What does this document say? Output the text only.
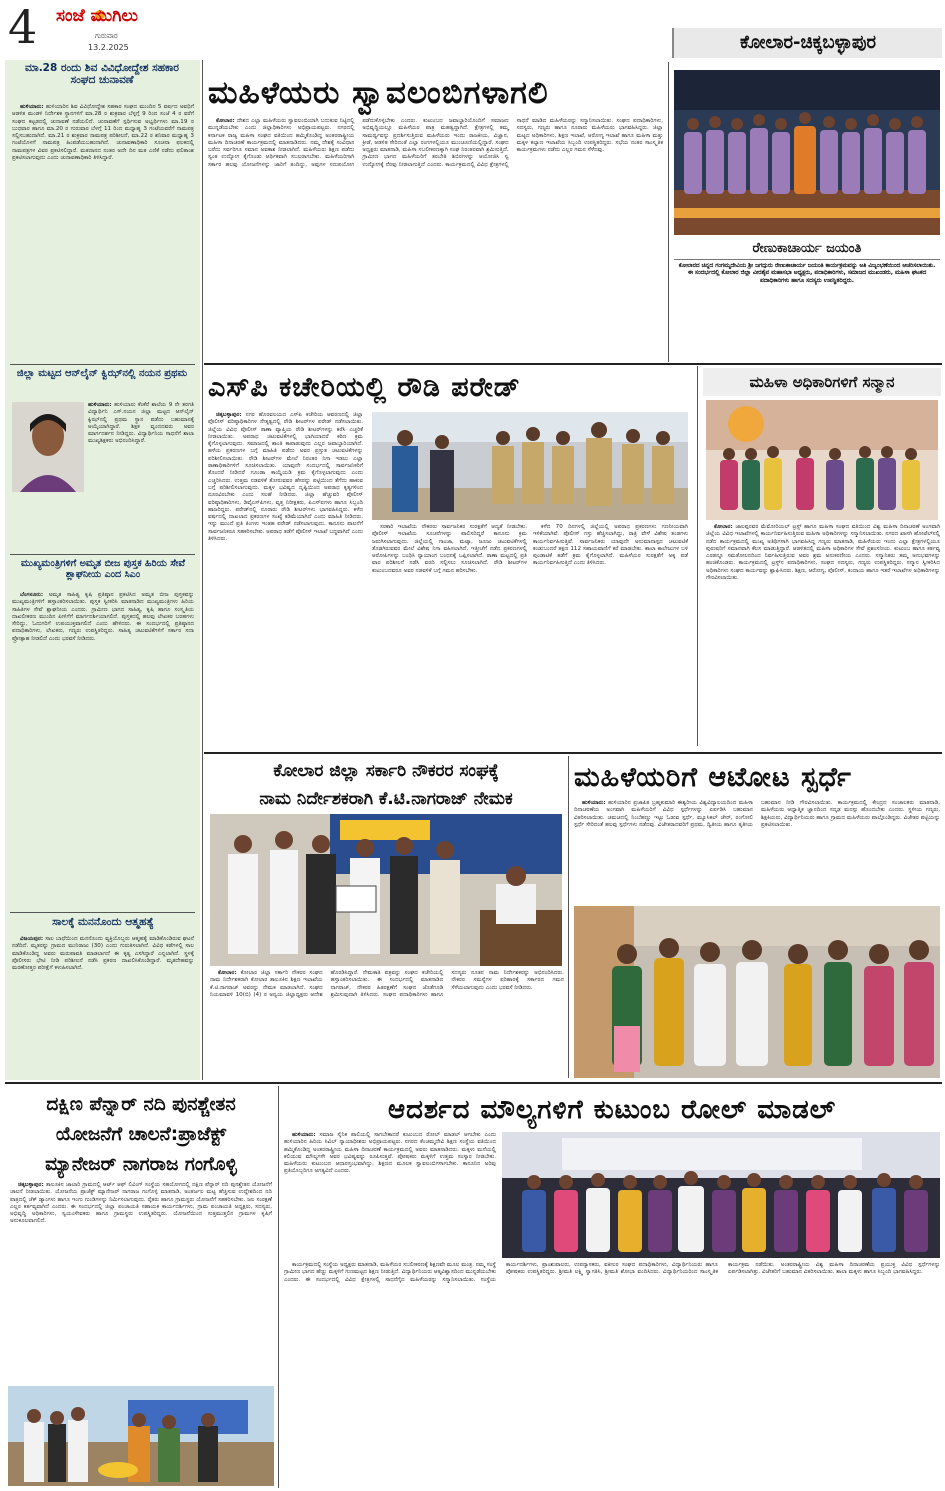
4 ಸಂಜೆ ಮುಗಿಲು
ಗುರುವಾರ
13.2.2025	ಕೋಲಾರ-ಚಿಕ್ಕಬಳ್ಳಾಪುರ
ಮಾ.28 ರಂದು ಶಿವ ವಿವಿಧೋದ್ದೇಶ ಸಹಕಾರ ಸಂಘದ ಚುನಾವಣೆ

ಹುಳಿಯಾರು: ಹುಳಿಯಾರಿನ ಶಿವ ವಿವಿಧೋದ್ದೇಶ ಸಹಕಾರ ಸಂಘದ ಮುಂದಿನ 5 ವರ್ಷದ ಅವಧಿಗೆ ಆಡಳಿತ ಮಂಡಳಿ ನಿರ್ದೇಶಕ ಸ್ಥಾನಗಳಿಗೆ ಮಾ.28 ರ ಶುಕ್ರವಾರ ಬೆಳ್ಳಗ್ಗೆ 9 ರಿಂದ ಸಂಜೆ 4 ರ ವರೆಗೆ ಸಂಘದ ಕಟ್ಟಡದಲ್ಲಿ ಚುನಾವಣೆ ನಡೆಯಲಿದೆ. ಚುನಾವಣೆಗೆ ಸ್ಪರ್ಧಿಸುವ ಅಭ್ಯರ್ಥಿಗಳು ಮಾ.19 ರ ಬುಧವಾರ ಹಾಗೂ ಮಾ.20 ರ ಗುರುವಾರ ಬೆಳಗ್ಗೆ 11 ರಿಂದ ಮಧ್ಯಾಹ್ನ 3 ಗಂಟೆಯವರೆಗೆ ನಾಮಪತ್ರ ಸಲ್ಲಿಸಬಹುದಾಗಿದೆ. ಮಾ.21 ರ ಶುಕ್ರವಾರ ನಾಮಪತ್ರ ಪರಿಶೀಲನೆ, ಮಾ.22 ರ ಶನಿವಾರ ಮಧ್ಯಾಹ್ನ 3 ಗಂಟೆಯೊಳಗೆ ನಾಮಪತ್ರ ಹಿಂಪಡೆಯಬಹುದಾಗಿದೆ. ಚುನಾವಣಾಧಿಕಾರಿ ಸೂಚನಾ ಫಲಕದಲ್ಲಿ ನಾಮಪತ್ರಗಳ ವಿವರ ಪ್ರಕಟಿಸಲಿದ್ದಾರೆ. ಮತದಾನದ ನಂತರ ಅದೇ ದಿನ ಮತ ಎಣಿಕೆ ನಡೆದು ಫಲಿತಾಂಶ ಪ್ರಕಟಿಸಲಾಗುವುದು ಎಂದು ಚುನಾವಣಾಧಿಕಾರಿ ತಿಳಿಸಿದ್ದಾರೆ.

ಜಿಲ್ಲಾ ಮಟ್ಟದ ಆನ್‌ಲೈನ್ ಕ್ವಿಝ್‌ನಲ್ಲಿ ನಯನ ಪ್ರಥಮ

ಹುಳಿಯಾರು: ಹುಳಿಯಾರು ಕೆಂಕೆರೆ ಶಾಲೆಯ 9 ನೇ ತರಗತಿ ವಿದ್ಯಾರ್ಥಿನಿ ಎಸ್.ನಯನ ಜಿಲ್ಲಾ ಮಟ್ಟದ ಆನ್‌ಲೈನ್ ಕ್ವಿಝ್‌ನಲ್ಲಿ ಪ್ರಥಮ ಸ್ಥಾನ ಪಡೆದು ಬಹುಮಾನಕ್ಕೆ ಆಯ್ಕೆಯಾಗಿದ್ದಾರೆ. ಶಿಕ್ಷಕ ವೃಂದದವರು ಅವರ ಮಾರ್ಗದರ್ಶನ ನೀಡಿದ್ದರು. ವಿದ್ಯಾರ್ಥಿನಿಯ ಸಾಧನೆಗೆ ಶಾಲಾ ಮುಖ್ಯಶಿಕ್ಷಕರು ಅಭಿನಂದಿಸಿದ್ದಾರೆ.

ಮುಖ್ಯಮಂತ್ರಿಗಳಿಗೆ ಅಮೃತ ಬೀಜ ಪುಸ್ತಕ ಹಿರಿಯ ಸೇವೆ ಶ್ಲಾಘನೀಯ ಎಂದ ಸಿಎಂ

ಬೆಂಗಳೂರು: ಅಮೃತ ಸಾಹಿತ್ಯ ಕೃಷಿ ಪ್ರತಿಷ್ಠಾನ ಪ್ರಕಟಿಸಿದ ಅಮೃತ ಬೀಜ ಪುಸ್ತಕವನ್ನು ಮುಖ್ಯಮಂತ್ರಿಗಳಿಗೆ ಹಸ್ತಾಂತರಿಸಲಾಯಿತು. ಪುಸ್ತಕ ಸ್ವೀಕರಿಸಿ ಮಾತನಾಡಿದ ಮುಖ್ಯಮಂತ್ರಿಗಳು ಹಿರಿಯ ಸಾಹಿತಿಗಳ ಸೇವೆ ಶ್ಲಾಘನೀಯ ಎಂದರು. ಗ್ರಾಮೀಣ ಭಾಗದ ಸಾಹಿತ್ಯ, ಕೃಷಿ ಹಾಗೂ ಸಂಸ್ಕೃತಿಯ ದಾಖಲೀಕರಣ ಮುಂದಿನ ಪೀಳಿಗೆಗೆ ಮಾರ್ಗದರ್ಶಿಯಾಗಲಿದೆ. ಪುಸ್ತಕದಲ್ಲಿ ಹಲವು ಲೇಖಕರ ಬರಹಗಳು ಸೇರಿದ್ದು, ಓದುಗರಿಗೆ ಉಪಯುಕ್ತವಾಗಲಿದೆ ಎಂದು ಹೇಳಿದರು. ಈ ಸಂದರ್ಭದಲ್ಲಿ ಪ್ರತಿಷ್ಠಾನದ ಪದಾಧಿಕಾರಿಗಳು, ಲೇಖಕರು, ಗಣ್ಯರು ಉಪಸ್ಥಿತರಿದ್ದರು. ಸಾಹಿತ್ಯ ಚಟುವಟಿಕೆಗಳಿಗೆ ಸರ್ಕಾರ ಸದಾ ಪ್ರೋತ್ಸಾಹ ನೀಡಲಿದೆ ಎಂದು ಭರವಸೆ ನೀಡಿದರು.

ಸಾಲಕ್ಕೆ ಮನನೊಂದು ಆತ್ಮಹತ್ಯೆ

ವಿಜಯಪುರ: ಸಾಲ ಬಾಧೆಯಿಂದ ಮನನೊಂದು ವ್ಯಕ್ತಿಯೊಬ್ಬರು ಆತ್ಮಹತ್ಯೆ ಮಾಡಿಕೊಂಡಿರುವ ಘಟನೆ ನಡೆದಿದೆ. ಮೃತರನ್ನು ಗ್ರಾಮದ ಮುನಿರಾಜು (30) ಎಂದು ಗುರುತಿಸಲಾಗಿದೆ. ವಿವಿಧ ಕಡೆಗಳಲ್ಲಿ ಸಾಲ ಮಾಡಿಕೊಂಡಿದ್ದ ಅವರು ಮರುಪಾವತಿ ಮಾಡಲಾಗದೆ ಈ ಕೃತ್ಯ ಎಸಗಿದ್ದಾರೆ ಎನ್ನಲಾಗಿದೆ. ಸ್ಥಳಕ್ಕೆ ಪೊಲೀಸರು ಭೇಟಿ ನೀಡಿ ಪರಿಶೀಲನೆ ನಡೆಸಿ ಪ್ರಕರಣ ದಾಖಲಿಸಿಕೊಂಡಿದ್ದಾರೆ. ಮೃತದೇಹವನ್ನು ಮರಣೋತ್ತರ ಪರೀಕ್ಷೆಗೆ ಕಳುಹಿಸಲಾಗಿದೆ.

ಮಹಿಳೆಯರು ಸ್ವಾವಲಂಬಿಗಳಾಗಲಿ

ಕೋಲಾರ: ದೇಶದ ಎಲ್ಲಾ ಮಹಿಳೆಯರು ಸ್ವಾವಲಂಬಿಯಾಗಿ ಬದುಕುವ ನಿಟ್ಟಿನಲ್ಲಿ ಮುನ್ನಡೆಯಬೇಕು ಎಂದು ಜಿಲ್ಲಾಧಿಕಾರಿಗಳು ಅಭಿಪ್ರಾಯಪಟ್ಟರು. ನಗರದಲ್ಲಿ ಕರ್ನಾಟಕ ರಾಜ್ಯ ಮಹಿಳಾ ಸಂಘದ ವತಿಯಿಂದ ಹಮ್ಮಿಕೊಂಡಿದ್ದ ಅಂತರರಾಷ್ಟ್ರೀಯ ಮಹಿಳಾ ದಿನಾಚರಣೆ ಕಾರ್ಯಕ್ರಮದಲ್ಲಿ ಮಾತನಾಡಿದರು. ನಮ್ಮ ದೇಶಕ್ಕೆ ಸಂವಿಧಾನ ಬರೆದು ಸರ್ವರಿಗೂ ಸಮಾನ ಅವಕಾಶ ನೀಡಲಾಗಿದೆ. ಮಹಿಳೆಯರು ಶಿಕ್ಷಣ ಪಡೆದು ಸ್ವಂತ ಉದ್ಯೋಗ ಕೈಗೊಂಡು ಆರ್ಥಿಕವಾಗಿ ಸಬಲರಾಗಬೇಕು. ಮಹಿಳೆಯರಿಗಾಗಿ ಸರ್ಕಾರ ಹಲವು ಯೋಜನೆಗಳನ್ನು ಜಾರಿಗೆ ತಂದಿದ್ದು, ಅವುಗಳ ಸದುಪಯೋಗ ಪಡೆದುಕೊಳ್ಳಬೇಕು ಎಂದರು. ಕುಟುಂಬದ ಜವಾಬ್ದಾರಿಯೊಂದಿಗೆ ಸಮಾಜದ ಅಭಿವೃದ್ಧಿಯಲ್ಲೂ ಮಹಿಳೆಯರ ಪಾತ್ರ ಮಹತ್ವದ್ದಾಗಿದೆ. ಕ್ಷೇತ್ರಗಳಲ್ಲಿ ತಮ್ಮ ಸಾಮರ್ಥ್ಯವನ್ನು ಪ್ರದರ್ಶಿಸುತ್ತಿರುವ ಮಹಿಳೆಯರು ಇಂದು ರಾಜಕೀಯ, ವಿಜ್ಞಾನ, ಕ್ರೀಡೆ, ಆಡಳಿತ ಸೇರಿದಂತೆ ಎಲ್ಲಾ ರಂಗಗಳಲ್ಲಿಯೂ ಮುಂಚೂಣಿಯಲ್ಲಿದ್ದಾರೆ. ಸಂಘದ ಅಧ್ಯಕ್ಷರು ಮಾತನಾಡಿ, ಮಹಿಳಾ ಸಬಲೀಕರಣಕ್ಕಾಗಿ ಸಂಘ ನಿರಂತರವಾಗಿ ಶ್ರಮಿಸುತ್ತಿದೆ. ಗ್ರಾಮೀಣ ಭಾಗದ ಮಹಿಳೆಯರಿಗೆ ತರಬೇತಿ ಶಿಬಿರಗಳನ್ನು ಆಯೋಜಿಸಿ ಸ್ವ ಉದ್ಯೋಗಕ್ಕೆ ನೆರವು ನೀಡಲಾಗುತ್ತಿದೆ ಎಂದರು. ಕಾರ್ಯಕ್ರಮದಲ್ಲಿ ವಿವಿಧ ಕ್ಷೇತ್ರಗಳಲ್ಲಿ ಸಾಧನೆ ಮಾಡಿದ ಮಹಿಳೆಯರನ್ನು ಸನ್ಮಾನಿಸಲಾಯಿತು. ಸಂಘದ ಪದಾಧಿಕಾರಿಗಳು, ಸದಸ್ಯರು, ಗಣ್ಯರು ಹಾಗೂ ನೂರಾರು ಮಹಿಳೆಯರು ಭಾಗವಹಿಸಿದ್ದರು. ಜಿಲ್ಲಾ ಮಟ್ಟದ ಅಧಿಕಾರಿಗಳು, ಶಿಕ್ಷಣ ಇಲಾಖೆ, ಆರೋಗ್ಯ ಇಲಾಖೆ ಹಾಗೂ ಮಹಿಳಾ ಮತ್ತು ಮಕ್ಕಳ ಕಲ್ಯಾಣ ಇಲಾಖೆಯ ಸಿಬ್ಬಂದಿ ಉಪಸ್ಥಿತರಿದ್ದರು. ಸಭೆಯ ನಂತರ ಸಾಂಸ್ಕೃತಿಕ ಕಾರ್ಯಕ್ರಮಗಳು ನಡೆದು ಎಲ್ಲರ ಗಮನ ಸೆಳೆದವು.

ರೇಣುಕಾಚಾರ್ಯ ಜಯಂತಿ
ಕೋಲಾರದ ಚಿನ್ನದ ಗಂಗಮ್ಮದೇವಿಯ ಶ್ರೀ ಜಗದ್ಗುರು ರೇಣುಕಾಚಾರ್ಯ ಜಯಂತಿ ಕಾರ್ಯಕ್ರಮವನ್ನು ಅತಿ ವಿಜೃಂಭಣೆಯಿಂದ ಆಚರಿಸಲಾಯಿತು. ಈ ಸಂದರ್ಭದಲ್ಲಿ ಕೋಲಾರ ಜಿಲ್ಲಾ ವೀರಶೈವ ಮಹಾಸಭಾ ಅಧ್ಯಕ್ಷರು, ಪದಾಧಿಕಾರಿಗಳು, ಸಮಾಜದ ಮುಖಂಡರು, ಮಹಿಳಾ ಘಟಕದ ಪದಾಧಿಕಾರಿಗಳು ಹಾಗೂ ಸದಸ್ಯರು ಉಪಸ್ಥಿತರಿದ್ದರು.
ಎಸ್‌ಪಿ ಕಚೇರಿಯಲ್ಲಿ ರೌಡಿ ಪರೇಡ್

ಚಿಕ್ಕಬಳ್ಳಾಪುರ: ನಗರ ಹೊರವಲಯದ ಎಸ್‌ಪಿ ಕಚೇರಿಯ ಆವರಣದಲ್ಲಿ ಜಿಲ್ಲಾ ಪೊಲೀಸ್ ವರಿಷ್ಠಾಧಿಕಾರಿಗಳ ನೇತೃತ್ವದಲ್ಲಿ ರೌಡಿ ಶೀಟರ್‌ಗಳ ಪರೇಡ್ ನಡೆಸಲಾಯಿತು. ಜಿಲ್ಲೆಯ ವಿವಿಧ ಪೊಲೀಸ್ ಠಾಣಾ ವ್ಯಾಪ್ತಿಯ ರೌಡಿ ಶೀಟರ್‌ಗಳನ್ನು ಕರೆಸಿ ಎಚ್ಚರಿಕೆ ನೀಡಲಾಯಿತು. ಅಪರಾಧ ಚಟುವಟಿಕೆಗಳಲ್ಲಿ ಭಾಗಿಯಾದರೆ ಕಠಿಣ ಕ್ರಮ ಕೈಗೊಳ್ಳಲಾಗುವುದು. ಸಮಾಜದಲ್ಲಿ ಶಾಂತಿ ಕಾಪಾಡುವುದು ಎಲ್ಲರ ಜವಾಬ್ದಾರಿಯಾಗಿದೆ. ಹಳೆಯ ಪ್ರಕರಣಗಳ ಬಗ್ಗೆ ಮಾಹಿತಿ ಪಡೆದು ಅವರ ಪ್ರಸ್ತುತ ಚಟುವಟಿಕೆಗಳನ್ನು ಪರಿಶೀಲಿಸಲಾಯಿತು. ರೌಡಿ ಶೀಟರ್‌ಗಳ ಮೇಲೆ ನಿರಂತರ ನಿಗಾ ಇಡಲು ಎಲ್ಲಾ ಠಾಣಾಧಿಕಾರಿಗಳಿಗೆ ಸೂಚಿಸಲಾಯಿತು. ಯಾವುದೇ ಸಂದರ್ಭದಲ್ಲಿ ಸಾರ್ವಜನಿಕರಿಗೆ ತೊಂದರೆ ನೀಡಿದರೆ ಗೂಂಡಾ ಕಾಯ್ದೆಯಡಿ ಕ್ರಮ ಕೈಗೊಳ್ಳಲಾಗುವುದು ಎಂದು ಎಚ್ಚರಿಸಿದರು. ಉತ್ತಮ ನಡವಳಿಕೆ ತೋರುವವರ ಹೆಸರನ್ನು ಪಟ್ಟಿಯಿಂದ ತೆಗೆದು ಹಾಕುವ ಬಗ್ಗೆ ಪರಿಶೀಲಿಸಲಾಗುವುದು. ಮಕ್ಕಳ ಭವಿಷ್ಯದ ದೃಷ್ಟಿಯಿಂದ ಅಪರಾಧ ಕೃತ್ಯಗಳಿಂದ ದೂರವಿರಬೇಕು ಎಂದು ಸಲಹೆ ನೀಡಿದರು. ಜಿಲ್ಲಾ ಹೆಚ್ಚುವರಿ ಪೊಲೀಸ್ ವರಿಷ್ಠಾಧಿಕಾರಿಗಳು, ಡಿವೈಎಸ್‌ಪಿಗಳು, ವೃತ್ತ ನಿರೀಕ್ಷಕರು, ಪಿಎಸ್‌ಐಗಳು ಹಾಗೂ ಸಿಬ್ಬಂದಿ ಹಾಜರಿದ್ದರು. ಪರೇಡ್‌ನಲ್ಲಿ ನೂರಾರು ರೌಡಿ ಶೀಟರ್‌ಗಳು ಭಾಗವಹಿಸಿದ್ದರು. ಕಳೆದ ವರ್ಷದಲ್ಲಿ ದಾಖಲಾದ ಪ್ರಕರಣಗಳ ಸಂಖ್ಯೆ ಕಡಿಮೆಯಾಗಿದೆ ಎಂದು ಮಾಹಿತಿ ನೀಡಿದರು. ಇನ್ನು ಮುಂದೆ ಪ್ರತಿ ತಿಂಗಳು ಇಂತಹ ಪರೇಡ್ ನಡೆಸಲಾಗುವುದು. ಕಾನೂನು ಪಾಲನೆಗೆ ಸಾರ್ವಜನಿಕರೂ ಸಹಕರಿಸಬೇಕು. ಅಪರಾಧ ತಡೆಗೆ ಪೊಲೀಸ್ ಇಲಾಖೆ ಬದ್ಧವಾಗಿದೆ ಎಂದು ತಿಳಿಸಿದರು.

ಸರಕಾರಿ ಇಲಾಖೆಯ ನೌಕರರು ಸಾರ್ವಜನಿಕರ ಸುರಕ್ಷತೆಗೆ ಆದ್ಯತೆ ನೀಡಬೇಕು. ಪೊಲೀಸ್ ಇಲಾಖೆಯ ಸೂಚನೆಗಳನ್ನು ಪಾಲಿಸದಿದ್ದರೆ ಕಾನೂನು ಕ್ರಮ ಜರುಗಿಸಲಾಗುವುದು. ಜಿಲ್ಲೆಯಲ್ಲಿ ಗಾಂಜಾ, ಮಟ್ಕಾ, ಜೂಜು ಚಟುವಟಿಕೆಗಳಲ್ಲಿ ತೊಡಗಿರುವವರ ಮೇಲೆ ವಿಶೇಷ ನಿಗಾ ವಹಿಸಲಾಗಿದೆ. ಇತ್ತೀಚೆಗೆ ನಡೆದ ಪ್ರಕರಣಗಳಲ್ಲಿ ಆರೋಪಿಗಳನ್ನು ಬಂಧಿಸಿ ನ್ಯಾಯಾಂಗ ಬಂಧನಕ್ಕೆ ಒಪ್ಪಿಸಲಾಗಿದೆ. ಠಾಣಾ ಮಟ್ಟದಲ್ಲಿ ಪ್ರತಿ ವಾರ ಪರಿಶೀಲನೆ ನಡೆಸಿ ವರದಿ ಸಲ್ಲಿಸಲು ಸೂಚಿಸಲಾಗಿದೆ. ರೌಡಿ ಶೀಟರ್‌ಗಳ ಕುಟುಂಬದವರೂ ಅವರ ನಡವಳಿಕೆ ಬಗ್ಗೆ ಗಮನ ಹರಿಸಬೇಕು.

ಕಳೆದ 70 ದಿನಗಳಲ್ಲಿ ಜಿಲ್ಲೆಯಲ್ಲಿ ಅಪರಾಧ ಪ್ರಕರಣಗಳು ಗಣನೀಯವಾಗಿ ಇಳಿಕೆಯಾಗಿವೆ. ಪೊಲೀಸ್ ಗಸ್ತು ಹೆಚ್ಚಿಸಲಾಗಿದ್ದು, ರಾತ್ರಿ ವೇಳೆ ವಿಶೇಷ ತಂಡಗಳು ಕಾರ್ಯನಿರ್ವಹಿಸುತ್ತಿವೆ. ಸಾರ್ವಜನಿಕರು ಯಾವುದೇ ಅನುಮಾನಾಸ್ಪದ ಚಟುವಟಿಕೆ ಕಂಡುಬಂದರೆ ತಕ್ಷಣ 112 ಸಹಾಯವಾಣಿಗೆ ಕರೆ ಮಾಡಬೇಕು. ಶಾಲಾ ಕಾಲೇಜುಗಳ ಬಳಿ ಪುಂಡಾಟಿಕೆ ತಡೆಗೆ ಕ್ರಮ ಕೈಗೊಳ್ಳಲಾಗಿದೆ. ಮಹಿಳೆಯರ ಸುರಕ್ಷತೆಗೆ ಅಕ್ಕ ಪಡೆ ಕಾರ್ಯನಿರ್ವಹಿಸುತ್ತಿದೆ ಎಂದು ತಿಳಿಸಿದರು.

ಮಹಿಳಾ ಅಧಿಕಾರಿಗಳಿಗೆ ಸನ್ಮಾನ

ಕೋಲಾರ: ಜಾಲಪ್ಪನವರ ಮೆಮೋರಿಯಲ್ ಟ್ರಸ್ಟ್ ಹಾಗೂ ಮಹಿಳಾ ಸಂಘದ ವತಿಯಿಂದ ವಿಶ್ವ ಮಹಿಳಾ ದಿನಾಚರಣೆ ಅಂಗವಾಗಿ ಜಿಲ್ಲೆಯ ವಿವಿಧ ಇಲಾಖೆಗಳಲ್ಲಿ ಕಾರ್ಯನಿರ್ವಹಿಸುತ್ತಿರುವ ಮಹಿಳಾ ಅಧಿಕಾರಿಗಳನ್ನು ಸನ್ಮಾನಿಸಲಾಯಿತು. ನಗರದ ಖಾಸಗಿ ಹೋಟೆಲ್‌ನಲ್ಲಿ ನಡೆದ ಕಾರ್ಯಕ್ರಮದಲ್ಲಿ ಮುಖ್ಯ ಅತಿಥಿಗಳಾಗಿ ಭಾಗವಹಿಸಿದ್ದ ಗಣ್ಯರು ಮಾತನಾಡಿ, ಮಹಿಳೆಯರು ಇಂದು ಎಲ್ಲಾ ಕ್ಷೇತ್ರಗಳಲ್ಲಿಯೂ ಪುರುಷರಿಗೆ ಸಮಾನವಾಗಿ ಕೆಲಸ ಮಾಡುತ್ತಿದ್ದಾರೆ. ಆಡಳಿತದಲ್ಲಿ ಮಹಿಳಾ ಅಧಿಕಾರಿಗಳ ಸೇವೆ ಪ್ರಶಂಸನೀಯ. ಕುಟುಂಬ ಹಾಗೂ ಕರ್ತವ್ಯ ಎರಡನ್ನೂ ಸಮತೋಲನದಿಂದ ನಿರ್ವಹಿಸುತ್ತಿರುವ ಅವರ ಶ್ರಮ ಅನುಕರಣೀಯ ಎಂದರು. ಸನ್ಮಾನಿತರು ತಮ್ಮ ಅನುಭವಗಳನ್ನು ಹಂಚಿಕೊಂಡರು. ಕಾರ್ಯಕ್ರಮದಲ್ಲಿ ಟ್ರಸ್ಟ್‌ನ ಪದಾಧಿಕಾರಿಗಳು, ಸಂಘದ ಸದಸ್ಯರು, ಗಣ್ಯರು ಉಪಸ್ಥಿತರಿದ್ದರು. ಸನ್ಮಾನ ಸ್ವೀಕರಿಸಿದ ಅಧಿಕಾರಿಗಳು ಸಂಘದ ಕಾರ್ಯವನ್ನು ಶ್ಲಾಘಿಸಿದರು. ಶಿಕ್ಷಣ, ಆರೋಗ್ಯ, ಪೊಲೀಸ್, ಕಂದಾಯ ಹಾಗೂ ಇತರೆ ಇಲಾಖೆಗಳ ಅಧಿಕಾರಿಗಳನ್ನು ಗೌರವಿಸಲಾಯಿತು.

ಕೋಲಾರ ಜಿಲ್ಲಾ ಸರ್ಕಾರಿ ನೌಕರರ ಸಂಘಕ್ಕೆ
ನಾಮ ನಿರ್ದೇಶಕರಾಗಿ ಕೆ.ಟಿ.ನಾಗರಾಜ್ ನೇಮಕ

ಕೋಲಾರ: ಕೋಲಾರ ಜಿಲ್ಲಾ ಸರ್ಕಾರಿ ನೌಕರರ ಸಂಘದ ನಾಮ ನಿರ್ದೇಶಕರಾಗಿ ಕೋಲಾರ ತಾಲೂಕಿನ ಶಿಕ್ಷಣ ಇಲಾಖೆಯ ಕೆ.ಟಿ.ನಾಗರಾಜ್ ಅವರನ್ನು ನೇಮಕ ಮಾಡಲಾಗಿದೆ. ಸಂಘದ ನಿಯಮಾವಳಿ 10(ಬಿ) (4) ರ ಅನ್ವಯ ಜಿಲ್ಲಾಧ್ಯಕ್ಷರು ಆದೇಶ ಹೊರಡಿಸಿದ್ದಾರೆ. ನೇಮಕಾತಿ ಪತ್ರವನ್ನು ಸಂಘದ ಕಚೇರಿಯಲ್ಲಿ ಹಸ್ತಾಂತರಿಸಲಾಯಿತು. ಈ ಸಂದರ್ಭದಲ್ಲಿ ಮಾತನಾಡಿದ ನಾಗರಾಜ್, ನೌಕರರ ಹಿತರಕ್ಷಣೆಗೆ ಸಂಘದ ಜೊತೆಗೂಡಿ ಶ್ರಮಿಸುವುದಾಗಿ ತಿಳಿಸಿದರು. ಸಂಘದ ಪದಾಧಿಕಾರಿಗಳು ಹಾಗೂ ಸದಸ್ಯರು ನೂತನ ನಾಮ ನಿರ್ದೇಶಕರನ್ನು ಅಭಿನಂದಿಸಿದರು. ನೌಕರರ ಸಮಸ್ಯೆಗಳ ಪರಿಹಾರಕ್ಕೆ ಸರ್ಕಾರದ ಗಮನ ಸೆಳೆಯಲಾಗುವುದು ಎಂದು ಭರವಸೆ ನೀಡಿದರು.

ಮಹಿಳೆಯರಿಗೆ ಆಟೋಟ ಸ್ಪರ್ಧೆ

ಹುಳಿಯಾರು: ಹುಳಿಯಾರಿನ ಪ್ರಜಾಪಿತ ಬ್ರಹ್ಮಕುಮಾರಿ ಈಶ್ವರೀಯ ವಿಶ್ವವಿದ್ಯಾಲಯದಿಂದ ಮಹಿಳಾ ದಿನಾಚರಣೆಯ ಅಂಗವಾಗಿ ಮಹಿಳೆಯರಿಗೆ ವಿವಿಧ ಸ್ಪರ್ಧೆಗಳನ್ನು ಏರ್ಪಡಿಸಿ ಬಹುಮಾನ ವಿತರಿಸಲಾಯಿತು. ಚಮಚದಲ್ಲಿ ನಿಂಬೆಹಣ್ಣು ಇಟ್ಟು ಓಡುವ ಸ್ಪರ್ಧೆ, ಮ್ಯೂಸಿಕಲ್ ಚೇರ್, ರಂಗೋಲಿ ಸ್ಪರ್ಧೆ ಸೇರಿದಂತೆ ಹಲವು ಸ್ಪರ್ಧೆಗಳು ನಡೆದವು. ವಿಜೇತರಾದವರಿಗೆ ಪ್ರಥಮ, ದ್ವಿತೀಯ ಹಾಗೂ ತೃತೀಯ ಬಹುಮಾನ ನೀಡಿ ಗೌರವಿಸಲಾಯಿತು. ಕಾರ್ಯಕ್ರಮದಲ್ಲಿ ಕೇಂದ್ರದ ಸಂಚಾಲಕರು ಮಾತನಾಡಿ, ಮಹಿಳೆಯರು ಆಧ್ಯಾತ್ಮಿಕ ಜ್ಞಾನದಿಂದ ಸದೃಢ ಮನಸ್ಸು ಹೊಂದಬೇಕು ಎಂದರು. ಸ್ಥಳೀಯ ಗಣ್ಯರು, ಶಿಕ್ಷಕಿಯರು, ವಿದ್ಯಾರ್ಥಿನಿಯರು ಹಾಗೂ ಗ್ರಾಮದ ಮಹಿಳೆಯರು ಪಾಲ್ಗೊಂಡಿದ್ದರು. ವಿಜೇತರ ಪಟ್ಟಿಯನ್ನು ಪ್ರಕಟಿಸಲಾಯಿತು.

ದಕ್ಷಿಣ ಪೆನ್ನಾರ್ ನದಿ ಪುನಶ್ಚೇತನ
ಯೋಜನೆಗೆ ಚಾಲನೆ:ಪ್ರಾಜೆಕ್ಟ್
ಮ್ಯಾನೇಜರ್ ನಾಗರಾಜ ಗಂಗೊಳ್ಳಿ

ಚಿಕ್ಕಬಳ್ಳಾಪುರ: ತಾಲೂಕಿನ ಜಾಲಾರಿ ಗ್ರಾಮದಲ್ಲಿ ಆರ್ಟ್ ಆಫ್ ಲಿವಿಂಗ್ ಸಂಸ್ಥೆಯ ಸಹಯೋಗದಲ್ಲಿ ದಕ್ಷಿಣ ಪೆನ್ನಾರ್ ನದಿ ಪುನಶ್ಚೇತನ ಯೋಜನೆಗೆ ಚಾಲನೆ ನೀಡಲಾಯಿತು. ಯೋಜನೆಯ ಪ್ರಾಜೆಕ್ಟ್ ಮ್ಯಾನೇಜರ್ ನಾಗರಾಜ ಗಂಗೊಳ್ಳಿ ಮಾತನಾಡಿ, ಅಂತರ್ಜಲ ಮಟ್ಟ ಹೆಚ್ಚಿಸುವ ಉದ್ದೇಶದಿಂದ ನದಿ ಪಾತ್ರದಲ್ಲಿ ಚೆಕ್ ಡ್ಯಾಂಗಳು ಹಾಗೂ ಇಂಗು ಗುಂಡಿಗಳನ್ನು ನಿರ್ಮಿಸಲಾಗುವುದು. ರೈತರು ಹಾಗೂ ಗ್ರಾಮಸ್ಥರು ಯೋಜನೆಗೆ ಸಹಕರಿಸಬೇಕು. ಜಲ ಸಂರಕ್ಷಣೆ ಎಲ್ಲರ ಕರ್ತವ್ಯವಾಗಿದೆ ಎಂದರು. ಈ ಸಂದರ್ಭದಲ್ಲಿ ಜಿಲ್ಲಾ ಪಂಚಾಯತಿ ಸಹಾಯಕ ಕಾರ್ಯದರ್ಶಿಗಳು, ಗ್ರಾಮ ಪಂಚಾಯತಿ ಅಧ್ಯಕ್ಷರು, ಸದಸ್ಯರು, ಅಭಿವೃದ್ಧಿ ಅಧಿಕಾರಿಗಳು, ಸ್ವಯಂಸೇವಕರು ಹಾಗೂ ಗ್ರಾಮಸ್ಥರು ಉಪಸ್ಥಿತರಿದ್ದರು. ಯೋಜನೆಯಿಂದ ಸುತ್ತಮುತ್ತಲಿನ ಗ್ರಾಮಗಳ ಕೃಷಿಗೆ ಅನುಕೂಲವಾಗಲಿದೆ.

ಆದರ್ಶದ ಮೌಲ್ಯಗಳಿಗೆ ಕುಟುಂಬ ರೋಲ್ ಮಾಡಲ್

ಹುಳಿಯಾರು: ಸಮಾಜ ಸೈನಿಕ ಪಾಲಿಯಲ್ಲಿ ಸಾಗಬೇಕಾದರೆ ಕುಟುಂಬದ ರೋಲ್ ಮಾಡಲ್ ಆಗಬೇಕು ಎಂದು ಹುಳಿಯಾರಿನ ಹಿರಿಯ ಸಿವಿಲ್ ನ್ಯಾಯಾಧೀಶರು ಅಭಿಪ್ರಾಯಪಟ್ಟರು. ನಗರದ ಕೆಂಚಮ್ಮದೇವಿ ಶಿಕ್ಷಣ ಸಂಸ್ಥೆಯ ವತಿಯಿಂದ ಹಮ್ಮಿಕೊಂಡಿದ್ದ ಅಂತರರಾಷ್ಟ್ರೀಯ ಮಹಿಳಾ ದಿನಾಚರಣೆ ಕಾರ್ಯಕ್ರಮದಲ್ಲಿ ಅವರು ಮಾತನಾಡಿದರು. ಮಕ್ಕಳು ಮನೆಯಲ್ಲಿ ಕಲಿಯುವ ಮೌಲ್ಯಗಳೇ ಅವರ ಭವಿಷ್ಯವನ್ನು ರೂಪಿಸುತ್ತವೆ. ಪೋಷಕರು ಮಕ್ಕಳಿಗೆ ಉತ್ತಮ ಸಂಸ್ಕಾರ ನೀಡಬೇಕು. ಮಹಿಳೆಯರು ಕುಟುಂಬದ ಆಧಾರಸ್ತಂಭವಾಗಿದ್ದು, ಶಿಕ್ಷಣದ ಮೂಲಕ ಸ್ವಾವಲಂಬಿಗಳಾಗಬೇಕು. ಕಾನೂನಿನ ಅರಿವು ಪ್ರತಿಯೊಬ್ಬರಿಗೂ ಅಗತ್ಯವಿದೆ ಎಂದರು.

ಕಾರ್ಯಕ್ರಮದಲ್ಲಿ ಸಂಸ್ಥೆಯ ಅಧ್ಯಕ್ಷರು ಮಾತನಾಡಿ, ಮಹಿಳೆಯರ ಸಬಲೀಕರಣಕ್ಕೆ ಶಿಕ್ಷಣವೇ ಮೂಲ ಮಂತ್ರ. ನಮ್ಮ ಸಂಸ್ಥೆ ಗ್ರಾಮೀಣ ಭಾಗದ ಹೆಣ್ಣು ಮಕ್ಕಳಿಗೆ ಗುಣಮಟ್ಟದ ಶಿಕ್ಷಣ ನೀಡುತ್ತಿದೆ. ವಿದ್ಯಾರ್ಥಿನಿಯರು ಆತ್ಮವಿಶ್ವಾಸದಿಂದ ಮುನ್ನಡೆಯಬೇಕು ಎಂದರು. ಈ ಸಂದರ್ಭದಲ್ಲಿ ವಿವಿಧ ಕ್ಷೇತ್ರಗಳಲ್ಲಿ ಸಾಧನೆಗೈದ ಮಹಿಳೆಯರನ್ನು ಸನ್ಮಾನಿಸಲಾಯಿತು. ಸಂಸ್ಥೆಯ ಕಾರ್ಯದರ್ಶಿಗಳು, ಪ್ರಾಂಶುಪಾಲರು, ಉಪನ್ಯಾಸಕರು, ವಕೀಲರ ಸಂಘದ ಪದಾಧಿಕಾರಿಗಳು, ವಿದ್ಯಾರ್ಥಿನಿಯರು ಹಾಗೂ ಪೋಷಕರು ಉಪಸ್ಥಿತರಿದ್ದರು. ಶ್ರೀಮತಿ ಲಕ್ಷ್ಮಿ ಸ್ವಾಗತಿಸಿ, ಶ್ರೀಮತಿ ಶೋಭಾ ವಂದಿಸಿದರು. ವಿದ್ಯಾರ್ಥಿನಿಯರಿಂದ ಸಾಂಸ್ಕೃತಿಕ ಕಾರ್ಯಕ್ರಮ ನಡೆಯಿತು. ಅಂತರರಾಷ್ಟ್ರೀಯ ವಿಶ್ವ ಮಹಿಳಾ ದಿನಾಚರಣೆಯ ಪ್ರಯುಕ್ತ ವಿವಿಧ ಸ್ಪರ್ಧೆಗಳನ್ನು ಏರ್ಪಡಿಸಲಾಗಿತ್ತು. ವಿಜೇತರಿಗೆ ಬಹುಮಾನ ವಿತರಿಸಲಾಯಿತು. ಶಾಲಾ ಮಕ್ಕಳು ಹಾಗೂ ಸಿಬ್ಬಂದಿ ಭಾಗವಹಿಸಿದ್ದರು.
